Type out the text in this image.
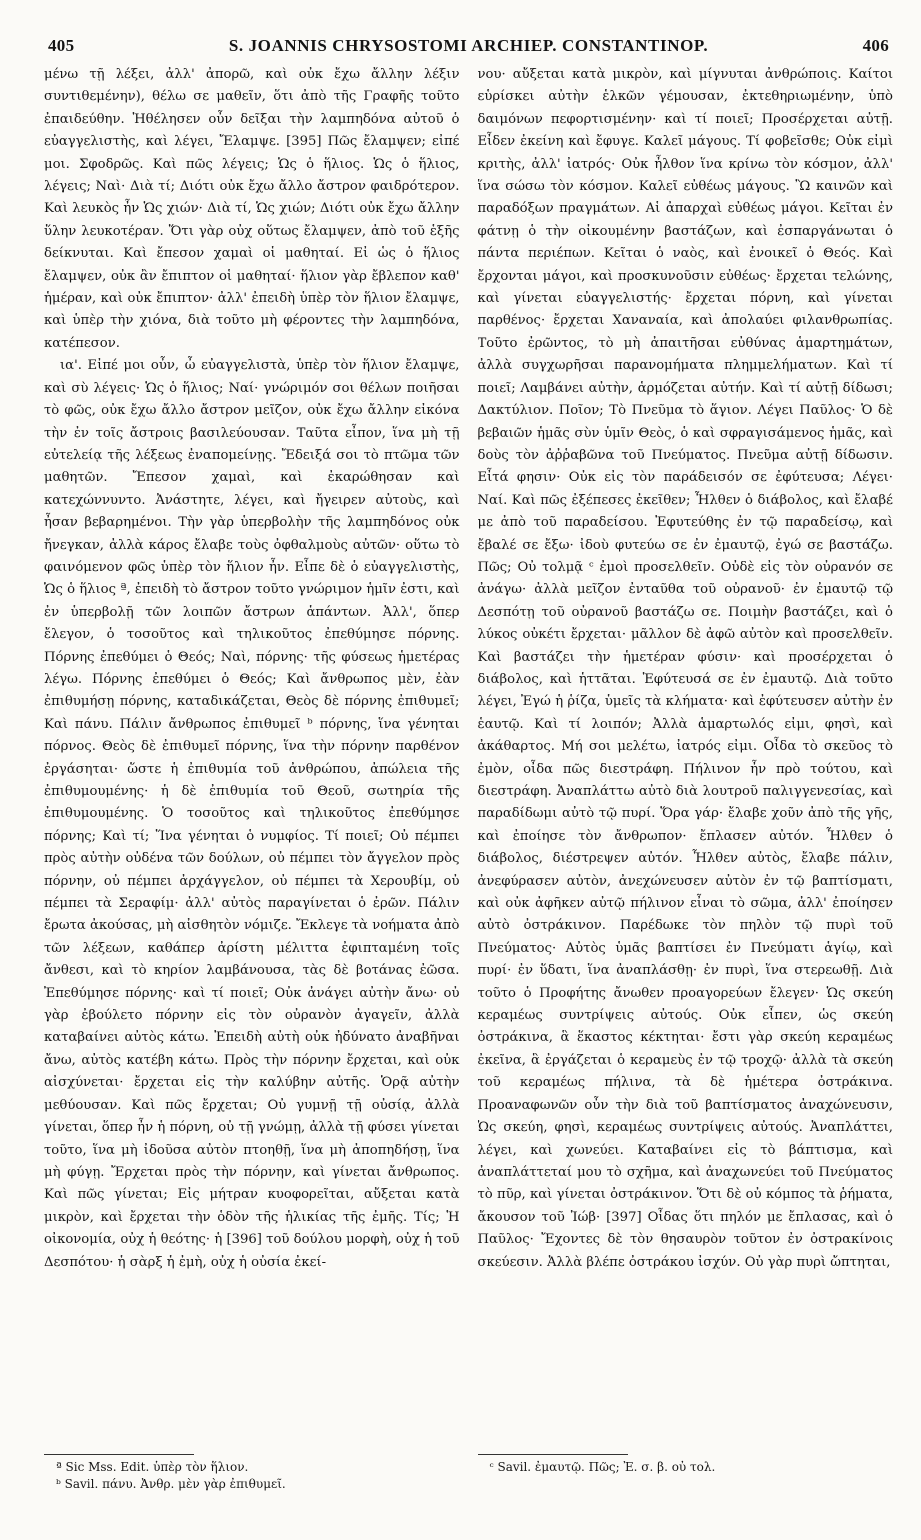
405	S. JOANNIS CHRYSOSTOMI ARCHIEP. CONSTANTINOP.	406

μένω τῇ λέξει, ἀλλ' ἀπορῶ, καὶ οὐκ ἔχω ἄλλην λέξιν συντιθεμένην), θέλω σε μαθεῖν, ὅτι ἀπὸ τῆς Γραφῆς τοῦτο ἐπαιδεύθην. Ἠθέλησεν οὖν δεῖξαι τὴν λαμπηδόνα αὐτοῦ ὁ εὐαγγελιστὴς, καὶ λέγει, Ἔλαμψε. [395] Πῶς ἔλαμψεν; εἰπέ μοι. Σφοδρῶς. Καὶ πῶς λέγεις; Ὡς ὁ ἥλιος. Ὡς ὁ ἥλιος, λέγεις; Ναὶ· Διὰ τί; Διότι οὐκ ἔχω ἄλλο ἄστρον φαιδρότερον. Καὶ λευκὸς ἦν Ὡς χιών· Διὰ τί, Ὡς χιών; Διότι οὐκ ἔχω ἄλλην ὕλην λευκοτέραν. Ὅτι γὰρ οὐχ οὕτως ἔλαμψεν, ἀπὸ τοῦ ἑξῆς δείκνυται. Καὶ ἔπεσον χαμαὶ οἱ μαθηταί. Εἰ ὡς ὁ ἥλιος ἔλαμψεν, οὐκ ἂν ἔπιπτον οἱ μαθηταί· ἥλιον γὰρ ἔβλεπον καθ' ἡμέραν, καὶ οὐκ ἔπιπτον· ἀλλ' ἐπειδὴ ὑπὲρ τὸν ἥλιον ἔλαμψε, καὶ ὑπὲρ τὴν χιόνα, διὰ τοῦτο μὴ φέροντες τὴν λαμπηδόνα, κατέπεσον.

ια'. Εἰπέ μοι οὖν, ὦ εὐαγγελιστὰ, ὑπὲρ τὸν ἥλιον ἔλαμψε, καὶ σὺ λέγεις· Ὡς ὁ ἥλιος; Ναί· γνώριμόν σοι θέλων ποιῆσαι τὸ φῶς, οὐκ ἔχω ἄλλο ἄστρον μεῖζον, οὐκ ἔχω ἄλλην εἰκόνα τὴν ἐν τοῖς ἄστροις βασιλεύουσαν. Ταῦτα εἶπον, ἵνα μὴ τῇ εὐτελείᾳ τῆς λέξεως ἐναπομείνῃς. Ἔδειξά σοι τὸ πτῶμα τῶν μαθητῶν. Ἔπεσον χαμαὶ, καὶ ἐκαρώθησαν καὶ κατεχώννυντο. Ἀνάστητε, λέγει, καὶ ἤγειρεν αὐτοὺς, καὶ ἦσαν βεβαρημένοι. Τὴν γὰρ ὑπερβολὴν τῆς λαμπηδόνος οὐκ ἤνεγκαν, ἀλλὰ κάρος ἔλαβε τοὺς ὀφθαλμοὺς αὐτῶν· οὕτω τὸ φαινόμενον φῶς ὑπὲρ τὸν ἥλιον ἦν. Εἶπε δὲ ὁ εὐαγγελιστὴς, Ὡς ὁ ἥλιος ª, ἐπειδὴ τὸ ἄστρον τοῦτο γνώριμον ἡμῖν ἐστι, καὶ ἐν ὑπερβολῇ τῶν λοιπῶν ἄστρων ἁπάντων. Ἀλλ', ὅπερ ἔλεγον, ὁ τοσοῦτος καὶ τηλικοῦτος ἐπεθύμησε πόρνης. Πόρνης ἐπεθύμει ὁ Θεός; Ναὶ, πόρνης· τῆς φύσεως ἡμετέρας λέγω. Πόρνης ἐπεθύμει ὁ Θεός; Καὶ ἄνθρωπος μὲν, ἐὰν ἐπιθυμήσῃ πόρνης, καταδικάζεται, Θεὸς δὲ πόρνης ἐπιθυμεῖ; Καὶ πάνυ. Πάλιν ἄνθρωπος ἐπιθυμεῖ ᵇ πόρνης, ἵνα γένηται πόρνος. Θεὸς δὲ ἐπιθυμεῖ πόρνης, ἵνα τὴν πόρνην παρθένον ἐργάσηται· ὥστε ἡ ἐπιθυμία τοῦ ἀνθρώπου, ἀπώλεια τῆς ἐπιθυμουμένης· ἡ δὲ ἐπιθυμία τοῦ Θεοῦ, σωτηρία τῆς ἐπιθυμουμένης. Ὁ τοσοῦτος καὶ τηλικοῦτος ἐπεθύμησε πόρνης; Καὶ τί; Ἵνα γένηται ὁ νυμφίος. Τί ποιεῖ; Οὐ πέμπει πρὸς αὐτὴν οὐδένα τῶν δούλων, οὐ πέμπει τὸν ἄγγελον πρὸς πόρνην, οὐ πέμπει ἀρχάγγελον, οὐ πέμπει τὰ Χερουβίμ, οὐ πέμπει τὰ Σεραφίμ· ἀλλ' αὐτὸς παραγίνεται ὁ ἐρῶν. Πάλιν ἔρωτα ἀκούσας, μὴ αἰσθητὸν νόμιζε. Ἔκλεγε τὰ νοήματα ἀπὸ τῶν λέξεων, καθάπερ ἀρίστη μέλιττα ἐφιπταμένη τοῖς ἄνθεσι, καὶ τὸ κηρίον λαμβάνουσα, τὰς δὲ βοτάνας ἐῶσα. Ἐπεθύμησε πόρνης· καὶ τί ποιεῖ; Οὐκ ἀνάγει αὐτὴν ἄνω· οὐ γὰρ ἐβούλετο πόρνην εἰς τὸν οὐρανὸν ἀγαγεῖν, ἀλλὰ καταβαίνει αὐτὸς κάτω. Ἐπειδὴ αὐτὴ οὐκ ἠδύνατο ἀναβῆναι ἄνω, αὐτὸς κατέβη κάτω. Πρὸς τὴν πόρνην ἔρχεται, καὶ οὐκ αἰσχύνεται· ἔρχεται εἰς τὴν καλύβην αὐτῆς. Ὁρᾷ αὐτὴν μεθύουσαν. Καὶ πῶς ἔρχεται; Οὐ γυμνῇ τῇ οὐσίᾳ, ἀλλὰ γίνεται, ὅπερ ἦν ἡ πόρνη, οὐ τῇ γνώμῃ, ἀλλὰ τῇ φύσει γίνεται τοῦτο, ἵνα μὴ ἰδοῦσα αὐτὸν πτοηθῇ, ἵνα μὴ ἀποπηδήσῃ, ἵνα μὴ φύγῃ. Ἔρχεται πρὸς τὴν πόρνην, καὶ γίνεται ἄνθρωπος. Καὶ πῶς γίνεται; Εἰς μήτραν κυοφορεῖται, αὔξεται κατὰ μικρὸν, καὶ ἔρχεται τὴν ὁδὸν τῆς ἡλικίας τῆς ἐμῆς. Τίς; Ἡ οἰκονομία, οὐχ ἡ θεότης· ἡ [396] τοῦ δούλου μορφὴ, οὐχ ἡ τοῦ Δεσπότου· ἡ σὰρξ ἡ ἐμὴ, οὐχ ἡ οὐσία ἐκεί-

νου· αὔξεται κατὰ μικρὸν, καὶ μίγνυται ἀνθρώποις. Καίτοι εὑρίσκει αὐτὴν ἑλκῶν γέμουσαν, ἐκτεθηριωμένην, ὑπὸ δαιμόνων πεφορτισμένην· καὶ τί ποιεῖ; Προσέρχεται αὐτῇ. Εἶδεν ἐκείνη καὶ ἔφυγε. Καλεῖ μάγους. Τί φοβεῖσθε; Οὐκ εἰμὶ κριτὴς, ἀλλ' ἰατρός· Οὐκ ἦλθον ἵνα κρίνω τὸν κόσμον, ἀλλ' ἵνα σώσω τὸν κόσμον. Καλεῖ εὐθέως μάγους. Ὢ καινῶν καὶ παραδόξων πραγμάτων. Αἱ ἀπαρχαὶ εὐθέως μάγοι. Κεῖται ἐν φάτνῃ ὁ τὴν οἰκουμένην βαστάζων, καὶ ἐσπαργάνωται ὁ πάντα περιέπων. Κεῖται ὁ ναὸς, καὶ ἐνοικεῖ ὁ Θεός. Καὶ ἔρχονται μάγοι, καὶ προσκυνοῦσιν εὐθέως· ἔρχεται τελώνης, καὶ γίνεται εὐαγγελιστής· ἔρχεται πόρνη, καὶ γίνεται παρθένος· ἔρχεται Χαναναία, καὶ ἀπολαύει φιλανθρωπίας. Τοῦτο ἐρῶντος, τὸ μὴ ἀπαιτῆσαι εὐθύνας ἁμαρτημάτων, ἀλλὰ συγχωρῆσαι παρανομήματα πλημμελήματων. Καὶ τί ποιεῖ; Λαμβάνει αὐτὴν, ἁρμόζεται αὐτήν. Καὶ τί αὐτῇ δίδωσι; Δακτύλιον. Ποῖον; Τὸ Πνεῦμα τὸ ἅγιον. Λέγει Παῦλος· Ὁ δὲ βεβαιῶν ἡμᾶς σὺν ὑμῖν Θεὸς, ὁ καὶ σφραγισάμενος ἡμᾶς, καὶ δοὺς τὸν ἀῤῥαβῶνα τοῦ Πνεύματος. Πνεῦμα αὐτῇ δίδωσιν. Εἶτά φησιν· Οὐκ εἰς τὸν παράδεισόν σε ἐφύτευσα; Λέγει· Ναί. Καὶ πῶς ἐξέπεσες ἐκεῖθεν; Ἦλθεν ὁ διάβολος, καὶ ἔλαβέ με ἀπὸ τοῦ παραδείσου. Ἐφυτεύθης ἐν τῷ παραδείσῳ, καὶ ἔβαλέ σε ἔξω· ἰδοὺ φυτεύω σε ἐν ἐμαυτῷ, ἐγώ σε βαστάζω. Πῶς; Οὐ τολμᾷ ᶜ ἐμοὶ προσελθεῖν. Οὐδὲ εἰς τὸν οὐρανόν σε ἀνάγω· ἀλλὰ μεῖζον ἐνταῦθα τοῦ οὐρανοῦ· ἐν ἐμαυτῷ τῷ Δεσπότῃ τοῦ οὐρανοῦ βαστάζω σε. Ποιμὴν βαστάζει, καὶ ὁ λύκος οὐκέτι ἔρχεται· μᾶλλον δὲ ἀφῶ αὐτὸν καὶ προσελθεῖν. Καὶ βαστάζει τὴν ἡμετέραν φύσιν· καὶ προσέρχεται ὁ διάβολος, καὶ ἡττᾶται. Ἐφύτευσά σε ἐν ἐμαυτῷ. Διὰ τοῦτο λέγει, Ἐγώ ἡ ῥίζα, ὑμεῖς τὰ κλήματα· καὶ ἐφύτευσεν αὐτὴν ἐν ἑαυτῷ. Καὶ τί λοιπόν; Ἀλλὰ ἁμαρτωλός εἰμι, φησὶ, καὶ ἀκάθαρτος. Μή σοι μελέτω, ἰατρός εἰμι. Οἶδα τὸ σκεῦος τὸ ἐμὸν, οἶδα πῶς διεστράφη. Πήλινον ἦν πρὸ τούτου, καὶ διεστράφη. Ἀναπλάττω αὐτὸ διὰ λουτροῦ παλιγγενεσίας, καὶ παραδίδωμι αὐτὸ τῷ πυρί. Ὅρα γάρ· ἔλαβε χοῦν ἀπὸ τῆς γῆς, καὶ ἐποίησε τὸν ἄνθρωπον· ἔπλασεν αὐτόν. Ἦλθεν ὁ διάβολος, διέστρεψεν αὐτόν. Ἦλθεν αὐτὸς, ἔλαβε πάλιν, ἀνεφύρασεν αὐτὸν, ἀνεχώνευσεν αὐτὸν ἐν τῷ βαπτίσματι, καὶ οὐκ ἀφῆκεν αὐτῷ πήλινον εἶναι τὸ σῶμα, ἀλλ' ἐποίησεν αὐτὸ ὀστράκινον. Παρέδωκε τὸν πηλὸν τῷ πυρὶ τοῦ Πνεύματος· Αὐτὸς ὑμᾶς βαπτίσει ἐν Πνεύματι ἁγίῳ, καὶ πυρί· ἐν ὕδατι, ἵνα ἀναπλάσθῃ· ἐν πυρὶ, ἵνα στερεωθῇ. Διὰ τοῦτο ὁ Προφήτης ἄνωθεν προαγορεύων ἔλεγεν· Ὡς σκεύη κεραμέως συντρίψεις αὐτούς. Οὐκ εἶπεν, ὡς σκεύη ὀστράκινα, ἃ ἕκαστος κέκτηται· ἔστι γὰρ σκεύη κεραμέως ἐκεῖνα, ἃ ἐργάζεται ὁ κεραμεὺς ἐν τῷ τροχῷ· ἀλλὰ τὰ σκεύη τοῦ κεραμέως πήλινα, τὰ δὲ ἡμέτερα ὀστράκινα. Προαναφωνῶν οὖν τὴν διὰ τοῦ βαπτίσματος ἀναχώνευσιν, Ὡς σκεύη, φησὶ, κεραμέως συντρίψεις αὐτούς. Ἀναπλάττει, λέγει, καὶ χωνεύει. Καταβαίνει εἰς τὸ βάπτισμα, καὶ ἀναπλάττεταί μου τὸ σχῆμα, καὶ ἀναχωνεύει τοῦ Πνεύματος τὸ πῦρ, καὶ γίνεται ὀστράκινον. Ὅτι δὲ οὐ κόμπος τὰ ῥήματα, ἄκουσον τοῦ Ἰώβ· [397] Οἶδας ὅτι πηλόν με ἔπλασας, καὶ ὁ Παῦλος· Ἔχοντες δὲ τὸν θησαυρὸν τοῦτον ἐν ὀστρακίνοις σκεύεσιν. Ἀλλὰ βλέπε ὀστράκου ἰσχύν. Οὐ γὰρ πυρὶ ὤπτηται,

ª Sic Mss. Edit. ὑπὲρ τὸν ἥλιον.

ᵇ Savil. πάνυ. Ἀνθρ. μὲν γὰρ ἐπιθυμεῖ.

ᶜ Savil. ἐμαυτῷ. Πῶς; Ἐ. σ. β. οὐ τολ.
